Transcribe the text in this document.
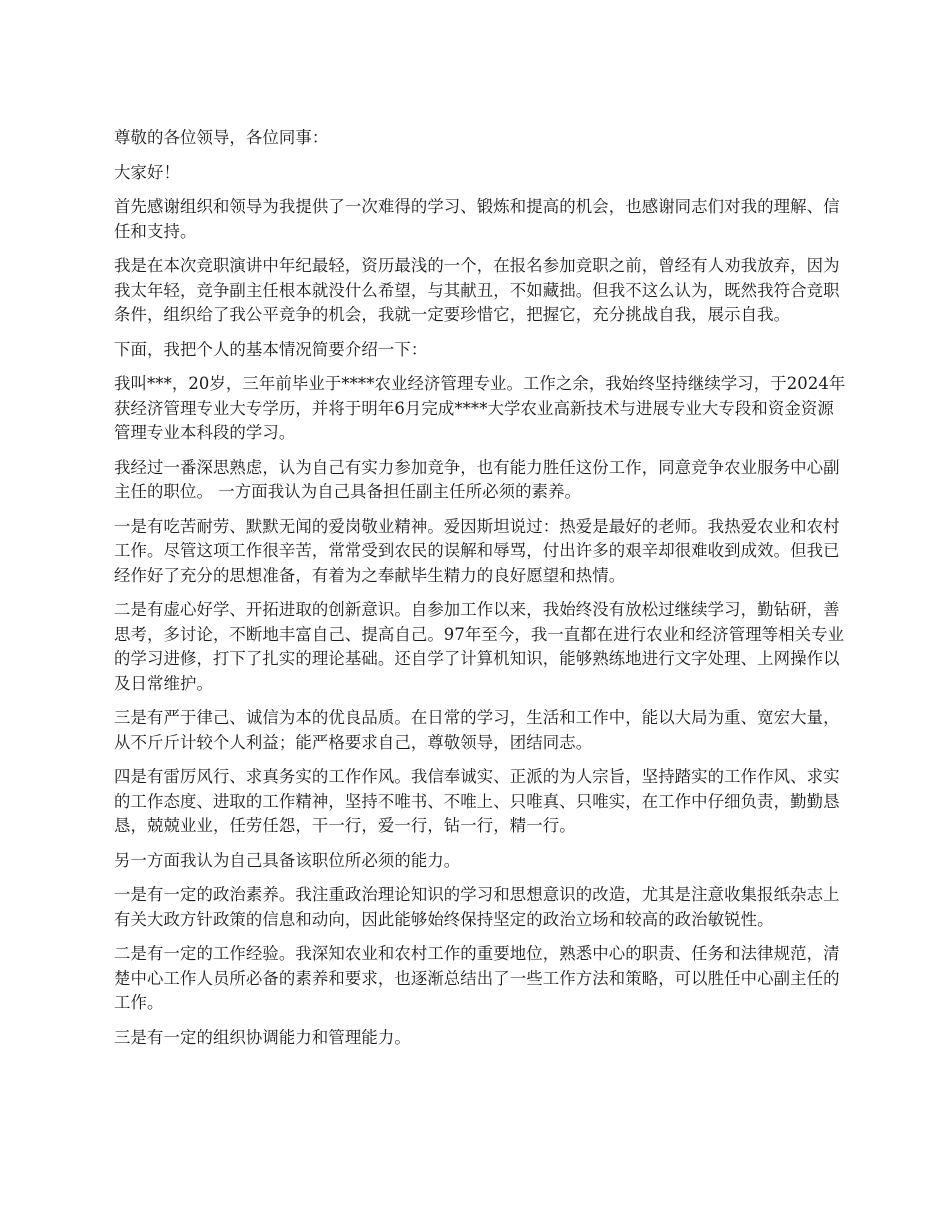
尊敬的各位领导，各位同事：

大家好！

首先感谢组织和领导为我提供了一次难得的学习、锻炼和提高的机会，也感谢同志们对我的理解、信任和支持。

我是在本次竞职演讲中年纪最轻，资历最浅的一个，在报名参加竞职之前，曾经有人劝我放弃，因为我太年轻，竞争副主任根本就没什么希望，与其献丑，不如藏拙。但我不这么认为，既然我符合竞职条件，组织给了我公平竞争的机会，我就一定要珍惜它，把握它，充分挑战自我，展示自我。

下面，我把个人的基本情况简要介绍一下：

我叫***，20岁，三年前毕业于****农业经济管理专业。工作之余，我始终坚持继续学习，于2024年获经济管理专业大专学历，并将于明年6月完成****大学农业高新技术与进展专业大专段和资金资源管理专业本科段的学习。

我经过一番深思熟虑，认为自己有实力参加竞争，也有能力胜任这份工作，同意竞争农业服务中心副主任的职位。 一方面我认为自己具备担任副主任所必须的素养。

一是有吃苦耐劳、默默无闻的爱岗敬业精神。爱因斯坦说过：热爱是最好的老师。我热爱农业和农村工作。尽管这项工作很辛苦，常常受到农民的误解和辱骂，付出许多的艰辛却很难收到成效。但我已经作好了充分的思想准备，有着为之奉献毕生精力的良好愿望和热情。

二是有虚心好学、开拓进取的创新意识。自参加工作以来，我始终没有放松过继续学习，勤钻研，善思考，多讨论，不断地丰富自己、提高自己。97年至今，我一直都在进行农业和经济管理等相关专业的学习进修，打下了扎实的理论基础。还自学了计算机知识，能够熟练地进行文字处理、上网操作以及日常维护。

三是有严于律己、诚信为本的优良品质。在日常的学习，生活和工作中，能以大局为重、宽宏大量，从不斤斤计较个人利益；能严格要求自己，尊敬领导，团结同志。

四是有雷厉风行、求真务实的工作作风。我信奉诚实、正派的为人宗旨，坚持踏实的工作作风、求实的工作态度、进取的工作精神，坚持不唯书、不唯上、只唯真、只唯实，在工作中仔细负责，勤勤恳恳，兢兢业业，任劳任怨，干一行，爱一行，钻一行，精一行。

另一方面我认为自己具备该职位所必须的能力。

一是有一定的政治素养。我注重政治理论知识的学习和思想意识的改造，尤其是注意收集报纸杂志上有关大政方针政策的信息和动向，因此能够始终保持坚定的政治立场和较高的政治敏锐性。

二是有一定的工作经验。我深知农业和农村工作的重要地位，熟悉中心的职责、任务和法律规范，清楚中心工作人员所必备的素养和要求，也逐渐总结出了一些工作方法和策略，可以胜任中心副主任的工作。

三是有一定的组织协调能力和管理能力。
